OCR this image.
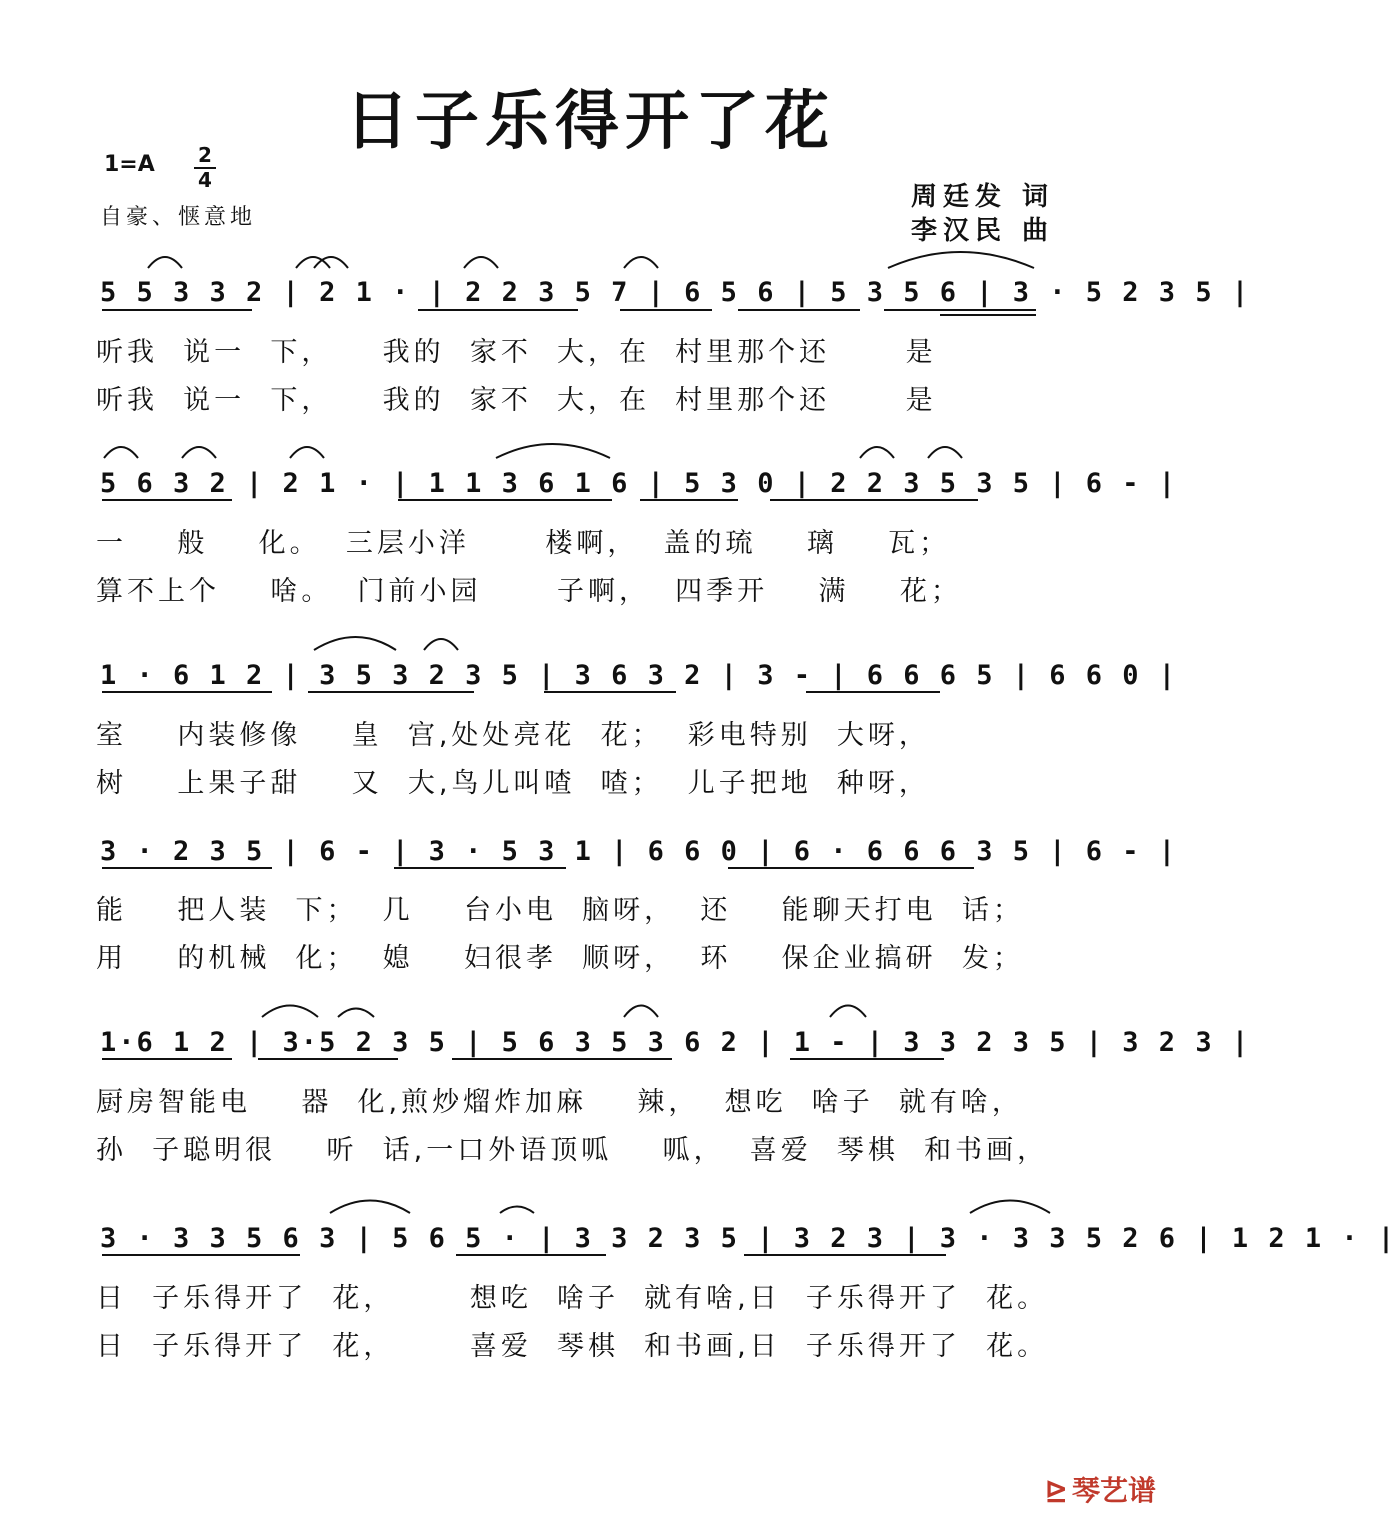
日子乐得开了花
1=A 2
4
自豪、惬意地
周廷发 词
李汉民 曲
5 5 3 3 2 | 2 1 · | 2 2 3 5 7 | 6 5 6 | 5 3 5 6 | 3 · 5 2 3 5 |
听我  说一  下，    我的  家不  大，在  村里那个还      是
听我  说一  下，    我的  家不  大，在  村里那个还      是
5 6 3 2 | 2 1 · | 1 1 3 6 1 6 | 5 3 0 | 2 2 3 5 3 5 | 6 - |
一    般    化。  三层小洋      楼啊，  盖的琉    璃    瓦；
算不上个    啥。  门前小园      子啊，  四季开    满    花；
1 · 6 1 2 | 3 5 3 2 3 5 | 3 6 3 2 | 3 - | 6 6 6 5 | 6 6 0 |
室    内装修像    皇  宫,处处亮花  花；  彩电特别  大呀，
树    上果子甜    又  大,鸟儿叫喳  喳；  儿子把地  种呀，
3 · 2 3 5 | 6 - | 3 · 5 3 1 | 6 6 0 | 6 · 6 6 6 3 5 | 6 - |
能    把人装  下；  几    台小电  脑呀，  还    能聊天打电  话；
用    的机械  化；  媳    妇很孝  顺呀，  环    保企业搞研  发；
1·6 1 2 | 3·5 2 3 5 | 5 6 3 5 3 6 2 | 1 - | 3 3 2 3 5 | 3 2 3 |
厨房智能电    器  化,煎炒熘炸加麻    辣，  想吃  啥子  就有啥，
孙  子聪明很    听  话,一口外语顶呱    呱，  喜爱  琴棋  和书画，
3 · 3 3 5 6 3 | 5 6 5 · | 3 3 2 3 5 | 3 2 3 | 3 · 3 3 5 2 6 | 1 2 1 · |
日  子乐得开了  花，      想吃  啥子  就有啥,日  子乐得开了  花。
日  子乐得开了  花，      喜爱  琴棋  和书画,日  子乐得开了  花。
⊵ 琴艺谱
